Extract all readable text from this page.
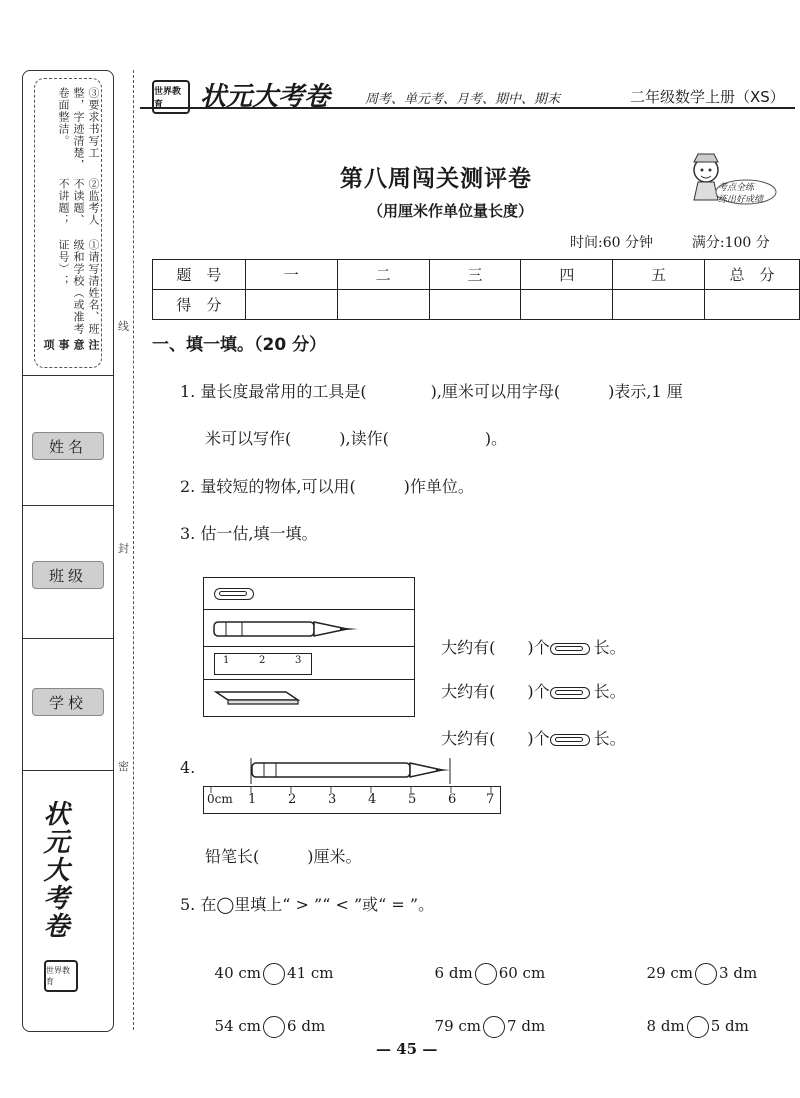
注意事项
①请写清姓名、班级和学校（或准考证号）；
②监考人不读题、不讲题；
③要求书写工整，字迹清楚，卷面整洁。
姓名
班级
学校
状元大考卷
世界教育
线
封
密
世界教育	状元大考卷	周考、单元考、月考、期中、期末	二年级数学上册（XS）
第八周闯关测评卷
（用厘米作单位量长度）
考点全练
练出好成绩
时间:60 分钟	满分:100 分
题　号	一	二	三	四	五	总　分
得　分						
一、填一填。（20 分）
1. 量长度最常用的工具是(　　　　),厘米可以用字母(　　　)表示,1 厘
米可以写作(　　　),读作(　　　　　　)。
2. 量较短的物体,可以用(　　　)作单位。
3. 估一估,填一填。
1	2	3

大约有(　　)个	长。

大约有(　　)个	长。

大约有(　　)个	长。

4.
0cm 1 2 3 4 5 6 7
铅笔长(　　　)厘米。
5. 在◯里填上“ > ”“ < ”或“ = ”。

40 cm 41 cm	6 dm 60 cm	29 cm 3 dm

54 cm 6 dm	79 cm 7 dm	8 dm 5 dm

— 45 —
